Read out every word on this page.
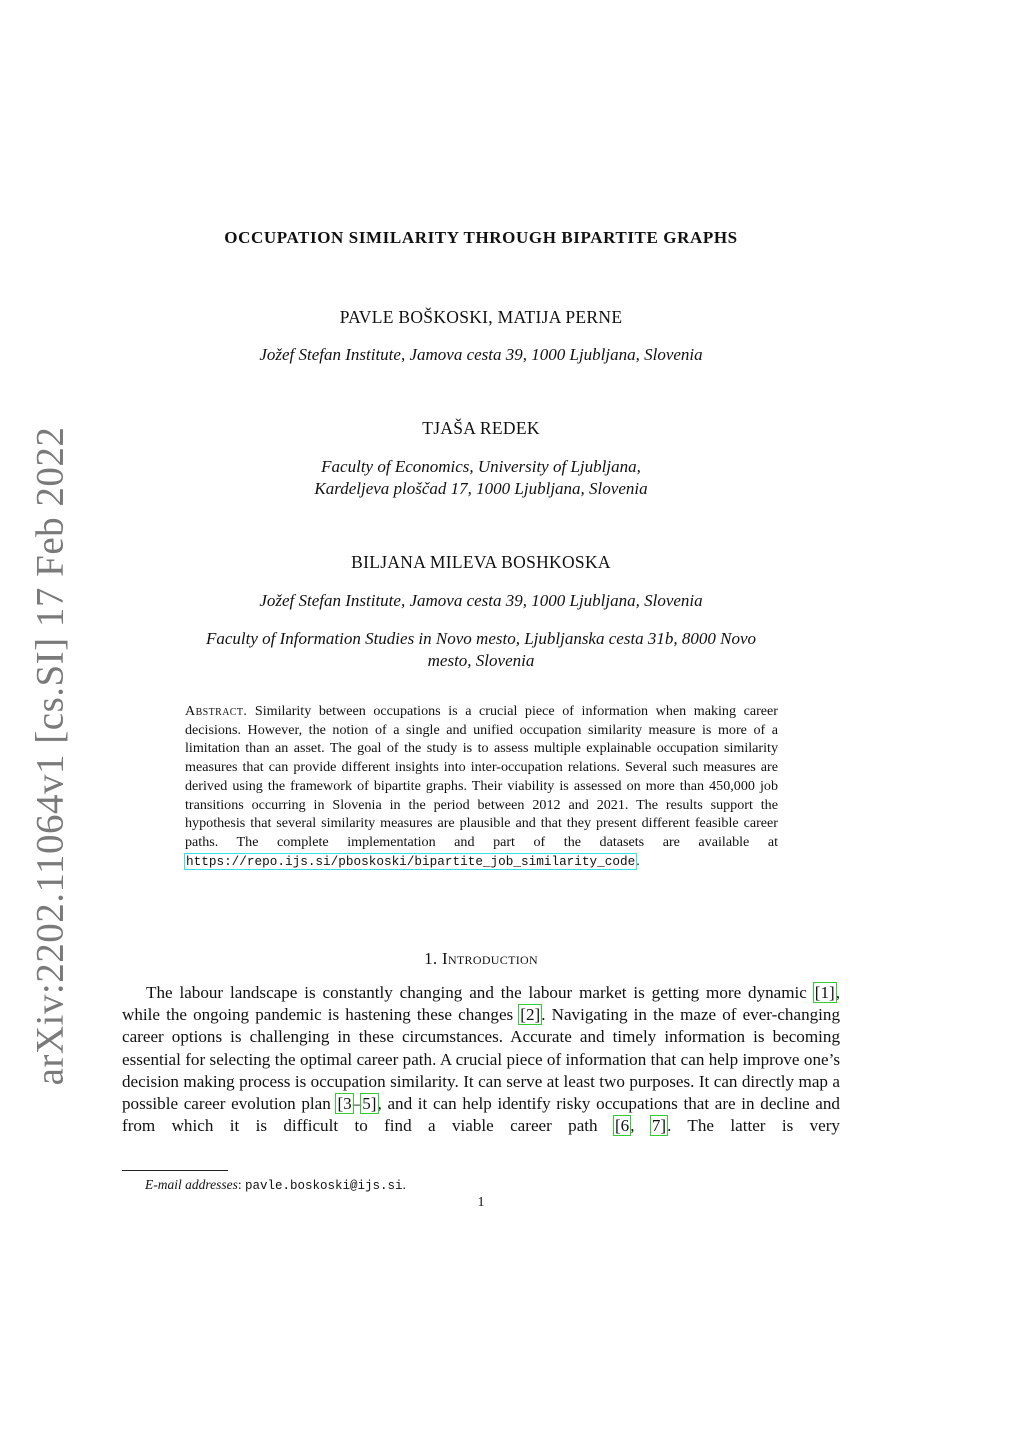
arXiv:2202.11064v1 [cs.SI] 17 Feb 2022
OCCUPATION SIMILARITY THROUGH BIPARTITE GRAPHS
PAVLE BOŠKOSKI, MATIJA PERNE
Jožef Stefan Institute, Jamova cesta 39, 1000 Ljubljana, Slovenia
TJAŠA REDEK
Faculty of Economics, University of Ljubljana,
Kardeljeva ploščad 17, 1000 Ljubljana, Slovenia
BILJANA MILEVA BOSHKOSKA
Jožef Stefan Institute, Jamova cesta 39, 1000 Ljubljana, Slovenia
Faculty of Information Studies in Novo mesto, Ljubljanska cesta 31b, 8000 Novo
mesto, Slovenia
Abstract. Similarity between occupations is a crucial piece of information when making career decisions. However, the notion of a single and unified occupation similarity measure is more of a limitation than an asset. The goal of the study is to assess multiple explainable occupation similarity measures that can provide different insights into inter-occupation relations. Several such measures are derived using the framework of bipartite graphs. Their viability is assessed on more than 450,000 job transitions occurring in Slovenia in the period between 2012 and 2021. The results support the hypothesis that several similarity measures are plausible and that they present different feasible career paths. The complete implementation and part of the datasets are available at https://repo.ijs.si/pboskoski/bipartite_job_similarity_code.
1. Introduction
The labour landscape is constantly changing and the labour market is getting more dynamic [1], while the ongoing pandemic is hastening these changes [2]. Navigating in the maze of ever-changing career options is challenging in these circumstances. Accurate and timely information is becoming essential for selecting the optimal career path. A crucial piece of information that can help improve one’s decision making process is occupation similarity. It can serve at least two purposes. It can directly map a possible career evolution plan [3–5], and it can help identify risky occupations that are in decline and from which it is difficult to find a viable career path [6, 7]. The latter is very
E-mail addresses: pavle.boskoski@ijs.si.
1
